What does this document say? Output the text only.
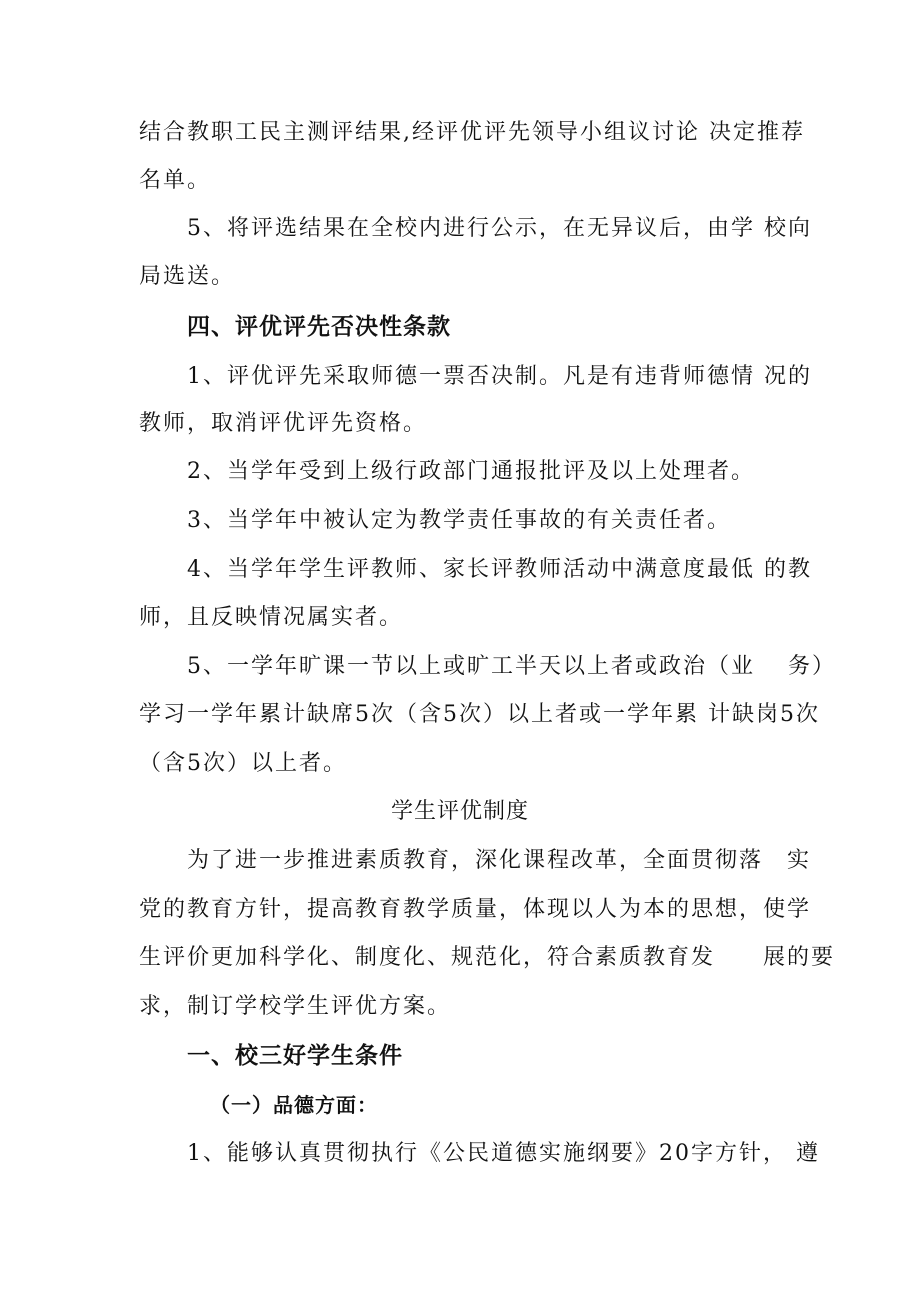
结合教职工民主测评结果,经评优评先领导小组议讨论 决定推荐
名单。
5、将评选结果在全校内进行公示，在无异议后，由学 校向
局选送。
四、评优评先否决性条款
1、评优评先采取师德一票否决制。凡是有违背师德情 况的
教师，取消评优评先资格。
2、当学年受到上级行政部门通报批评及以上处理者。
3、当学年中被认定为教学责任事故的有关责任者。
4、当学年学生评教师、家长评教师活动中满意度最低 的教
师，且反映情况属实者。
5、一学年旷课一节以上或旷工半天以上者或政治（业　 务）
学习一学年累计缺席5次（含5次）以上者或一学年累 计缺岗5次
（含5次）以上者。
学生评优制度
为了进一步推进素质教育，深化课程改革，全面贯彻落　实
党的教育方针，提高教育教学质量，体现以人为本的思想，使学
生评价更加科学化、制度化、规范化，符合素质教育发　　展的要
求，制订学校学生评优方案。
一、校三好学生条件
（一）品德方面：
1、能够认真贯彻执行《公民道德实施纲要》20字方针， 遵
